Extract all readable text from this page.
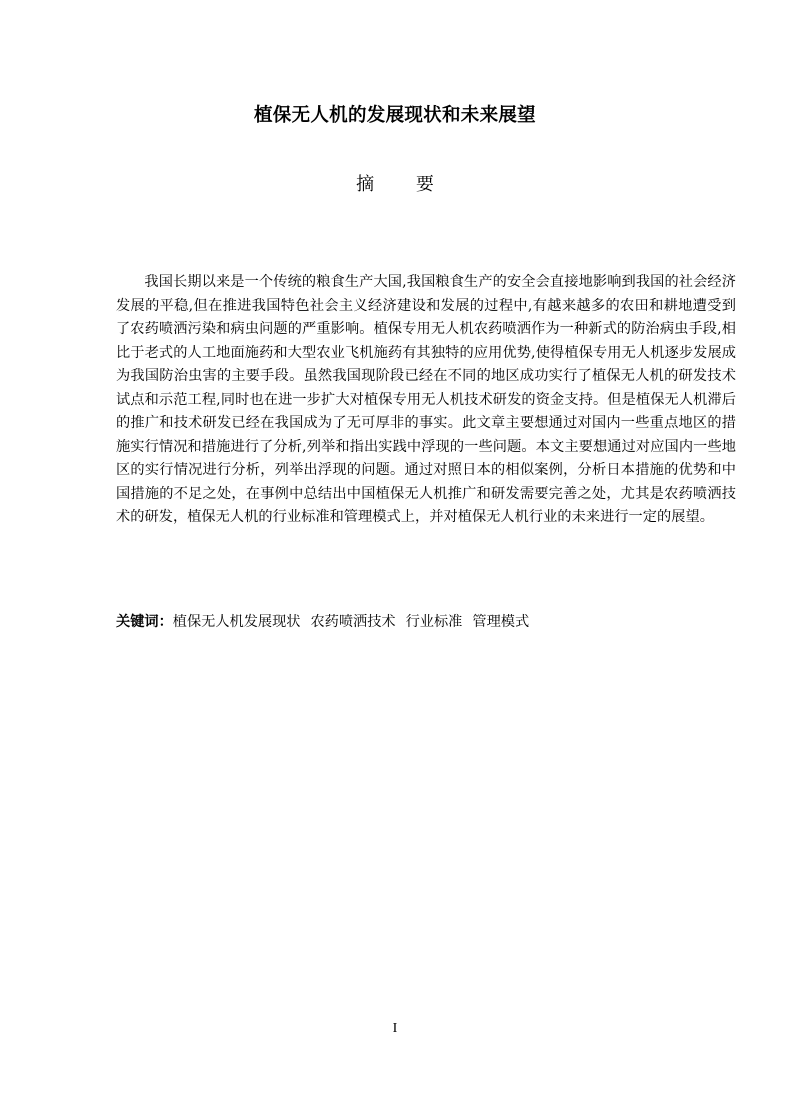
植保无人机的发展现状和未来展望
摘 要

我国长期以来是一个传统的粮食生产大国,我国粮食生产的安全会直接地影响到我国的社会经济发展的平稳,但在推进我国特色社会主义经济建设和发展的过程中,有越来越多的农田和耕地遭受到了农药喷洒污染和病虫问题的严重影响。植保专用无人机农药喷洒作为一种新式的防治病虫手段,相比于老式的人工地面施药和大型农业飞机施药有其独特的应用优势,使得植保专用无人机逐步发展成为我国防治虫害的主要手段。虽然我国现阶段已经在不同的地区成功实行了植保无人机的研发技术试点和示范工程,同时也在进一步扩大对植保专用无人机技术研发的资金支持。但是植保无人机滞后的推广和技术研发已经在我国成为了无可厚非的事实。此文章主要想通过对国内一些重点地区的措施实行情况和措施进行了分析,列举和指出实践中浮现的一些问题。本文主要想通过对应国内一些地区的实行情况进行分析，列举出浮现的问题。通过对照日本的相似案例，分析日本措施的优势和中国措施的不足之处，在事例中总结出中国植保无人机推广和研发需要完善之处，尤其是农药喷洒技术的研发，植保无人机的行业标准和管理模式上，并对植保无人机行业的未来进行一定的展望。

关键词：植保无人机发展现状 农药喷洒技术 行业标准 管理模式

I
